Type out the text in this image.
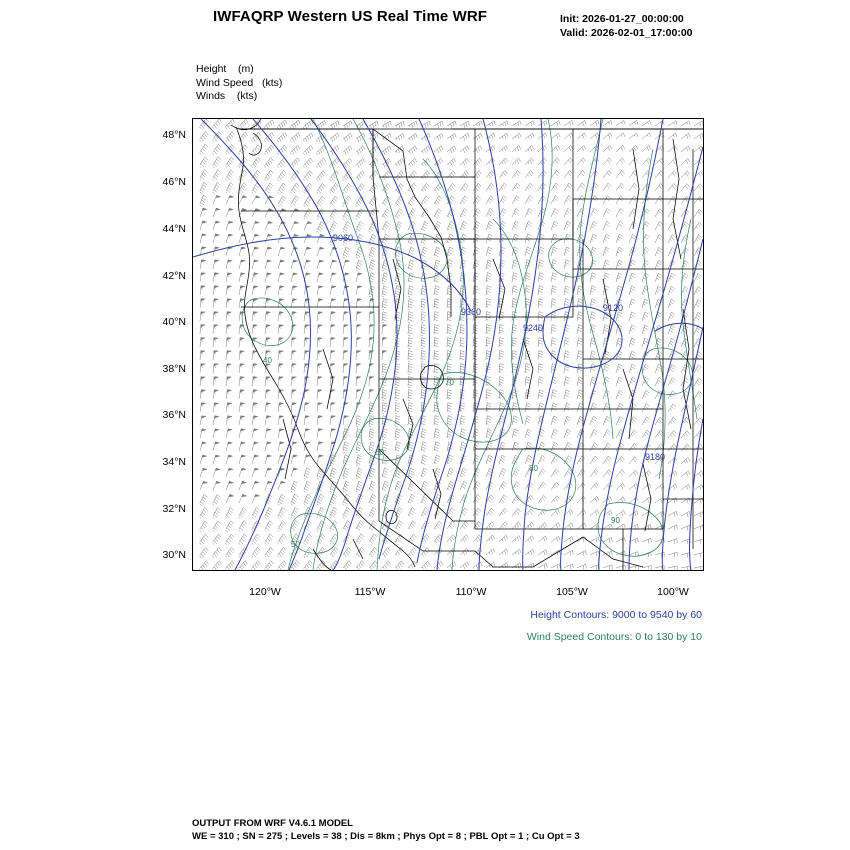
IWFAQRP Western US Real Time WRF	Init: 2026-01-27_00:00:00
Valid: 2026-02-01_17:00:00
Height    (m)
Wind Speed   (kts)
Winds    (kts)
48°N
46°N
44°N
42°N
40°N
38°N
36°N
34°N
32°N
30°N
120°W	115°W	110°W	105°W	100°W
9060
9360	9120
9240
9180
40
50
60
70
80
90
Height Contours: 9000 to 9540 by 60
Wind Speed Contours: 0 to 130 by 10
OUTPUT FROM WRF V4.6.1 MODEL
WE = 310 ; SN = 275 ; Levels = 38 ; Dis = 8km ; Phys Opt = 8 ; PBL Opt = 1 ; Cu Opt = 3
